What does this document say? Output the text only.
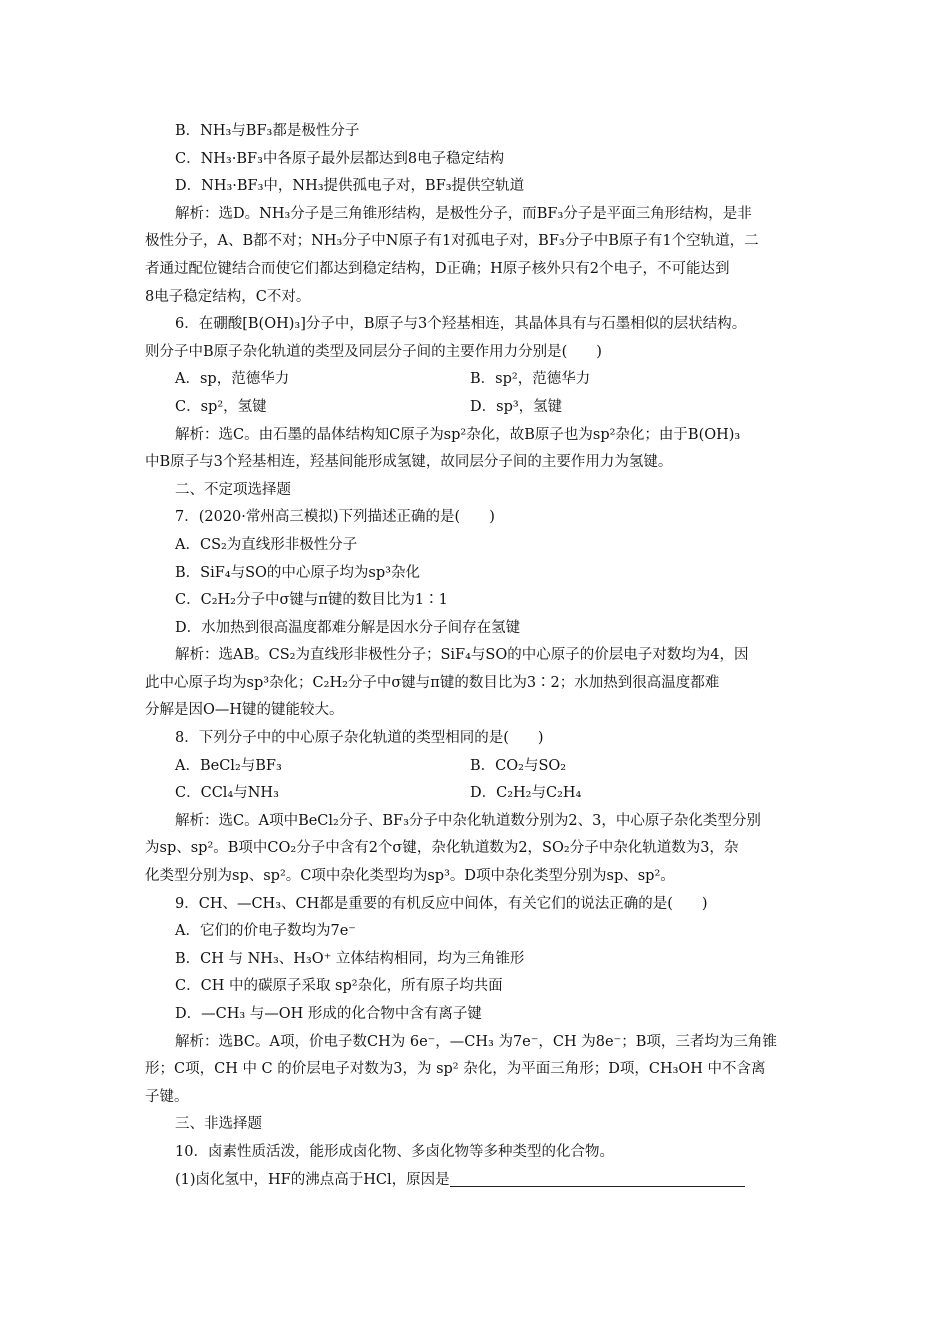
B．NH₃与BF₃都是极性分子
C．NH₃·BF₃中各原子最外层都达到8电子稳定结构
D．NH₃·BF₃中，NH₃提供孤电子对，BF₃提供空轨道
解析：选D。NH₃分子是三角锥形结构，是极性分子，而BF₃分子是平面三角形结构，是非
极性分子，A、B都不对；NH₃分子中N原子有1对孤电子对，BF₃分子中B原子有1个空轨道，二
者通过配位键结合而使它们都达到稳定结构，D正确；H原子核外只有2个电子，不可能达到
8电子稳定结构，C不对。
6．在硼酸[B(OH)₃]分子中，B原子与3个羟基相连，其晶体具有与石墨相似的层状结构。
则分子中B原子杂化轨道的类型及同层分子间的主要作用力分别是(　　)
A．sp，范德华力	B．sp²，范德华力
C．sp²，氢键	D．sp³，氢键
解析：选C。由石墨的晶体结构知C原子为sp²杂化，故B原子也为sp²杂化；由于B(OH)₃
中B原子与3个羟基相连，羟基间能形成氢键，故同层分子间的主要作用力为氢键。
二、不定项选择题
7．(2020·常州高三模拟)下列描述正确的是(　　)
A．CS₂为直线形非极性分子
B．SiF₄与SO的中心原子均为sp³杂化
C．C₂H₂分子中σ键与π键的数目比为1∶1
D．水加热到很高温度都难分解是因水分子间存在氢键
解析：选AB。CS₂为直线形非极性分子；SiF₄与SO的中心原子的价层电子对数均为4，因
此中心原子均为sp³杂化；C₂H₂分子中σ键与π键的数目比为3∶2；水加热到很高温度都难
分解是因O—H键的键能较大。
8．下列分子中的中心原子杂化轨道的类型相同的是(　　)
A．BeCl₂与BF₃	B．CO₂与SO₂
C．CCl₄与NH₃	D．C₂H₂与C₂H₄
解析：选C。A项中BeCl₂分子、BF₃分子中杂化轨道数分别为2、3，中心原子杂化类型分别
为sp、sp²。B项中CO₂分子中含有2个σ键，杂化轨道数为2，SO₂分子中杂化轨道数为3，杂
化类型分别为sp、sp²。C项中杂化类型均为sp³。D项中杂化类型分别为sp、sp²。
9．CH、—CH₃、CH都是重要的有机反应中间体，有关它们的说法正确的是(　　)
A．它们的价电子数均为7e⁻
B．CH 与 NH₃、H₃O⁺ 立体结构相同，均为三角锥形
C．CH 中的碳原子采取 sp²杂化，所有原子均共面
D．—CH₃ 与—OH 形成的化合物中含有离子键
解析：选BC。A项，价电子数CH为 6e⁻，—CH₃ 为7e⁻，CH 为8e⁻；B项，三者均为三角锥
形；C项，CH 中 C 的价层电子对数为3，为 sp² 杂化，为平面三角形；D项，CH₃OH 中不含离
子键。
三、非选择题
10．卤素性质活泼，能形成卤化物、多卤化物等多种类型的化合物。
(1)卤化氢中，HF的沸点高于HCl，原因是
